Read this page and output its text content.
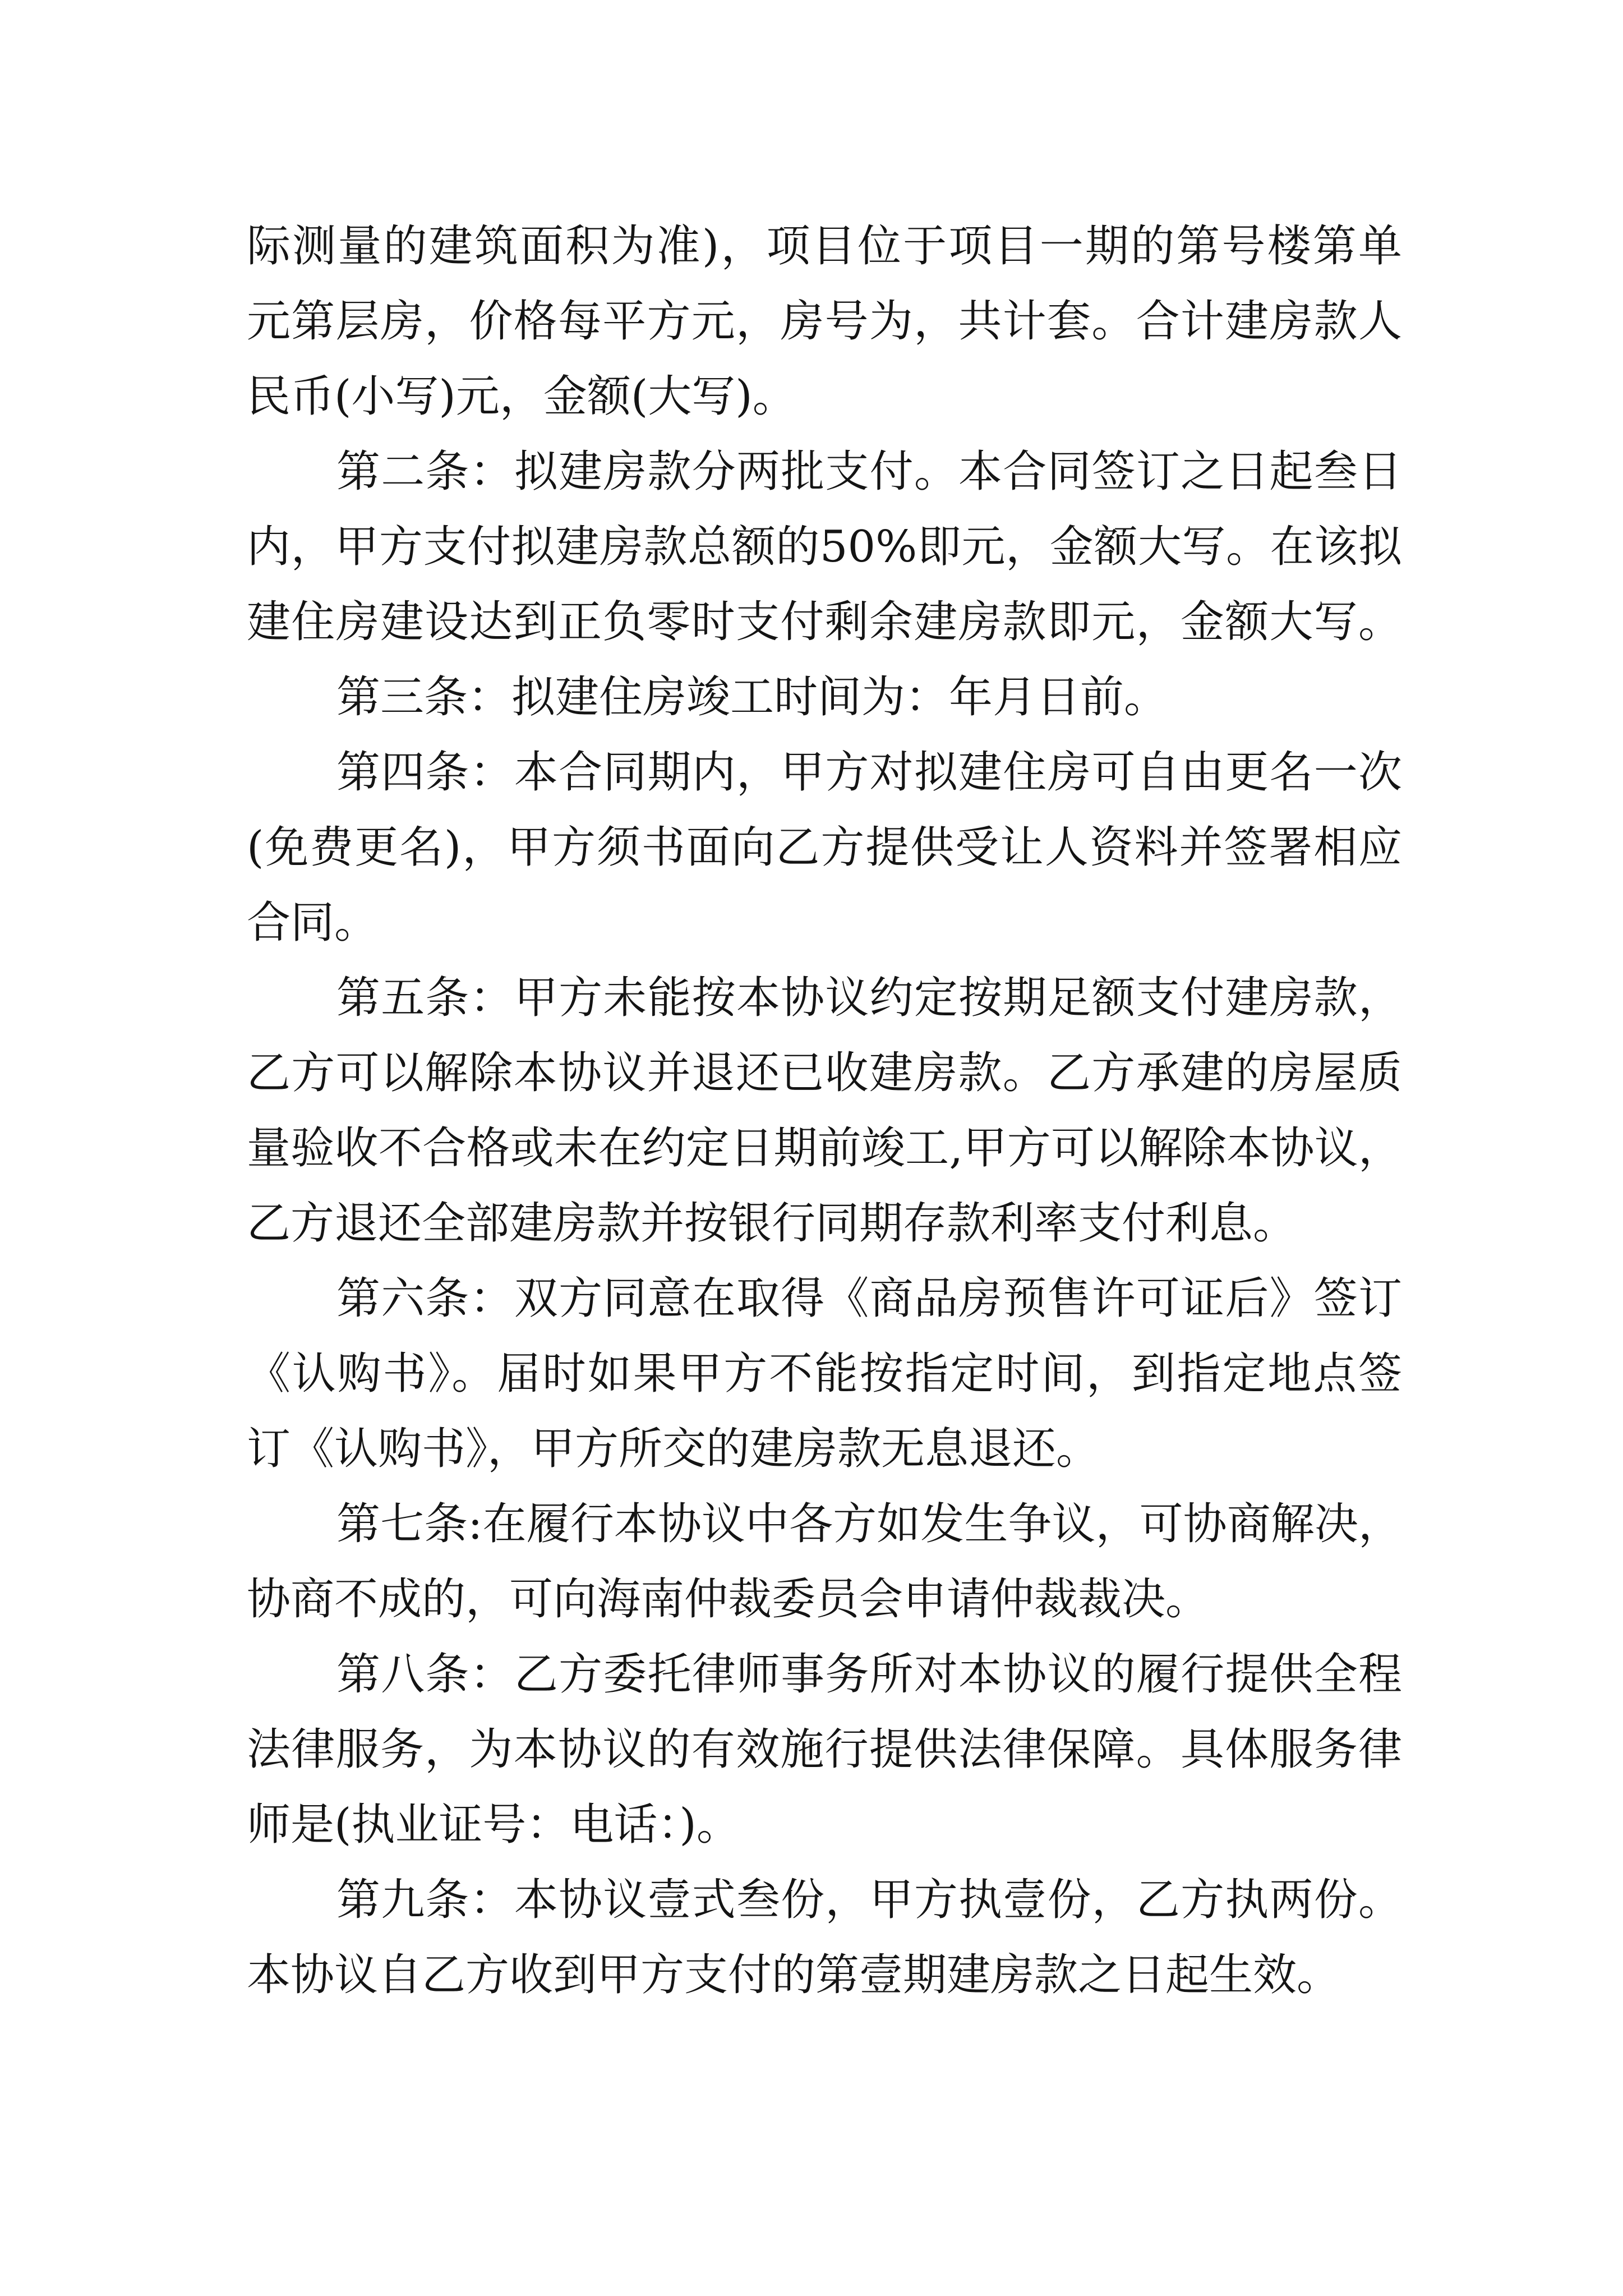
际测量的建筑面积为准)，项目位于项目一期的第号楼第单
元第层房，价格每平方元，房号为，共计套。合计建房款人
民币(小写)元，金额(大写)。

第二条：拟建房款分两批支付。本合同签订之日起叁日
内，甲方支付拟建房款总额的50%即元，金额大写。在该拟
建住房建设达到正负零时支付剩余建房款即元，金额大写。

第三条：拟建住房竣工时间为：年月日前。

第四条：本合同期内，甲方对拟建住房可自由更名一次
(免费更名)，甲方须书面向乙方提供受让人资料并签署相应
合同。

第五条：甲方未能按本协议约定按期足额支付建房款，
乙方可以解除本协议并退还已收建房款。乙方承建的房屋质
量验收不合格或未在约定日期前竣工,甲方可以解除本协议，
乙方退还全部建房款并按银行同期存款利率支付利息。

第六条：双方同意在取得《商品房预售许可证后》签订
《认购书》。届时如果甲方不能按指定时间，到指定地点签
订《认购书》，甲方所交的建房款无息退还。

第七条:在履行本协议中各方如发生争议，可协商解决，
协商不成的，可向海南仲裁委员会申请仲裁裁决。

第八条：乙方委托律师事务所对本协议的履行提供全程
法律服务，为本协议的有效施行提供法律保障。具体服务律
师是(执业证号：电话：)。

第九条：本协议壹式叁份，甲方执壹份，乙方执两份。
本协议自乙方收到甲方支付的第壹期建房款之日起生效。
